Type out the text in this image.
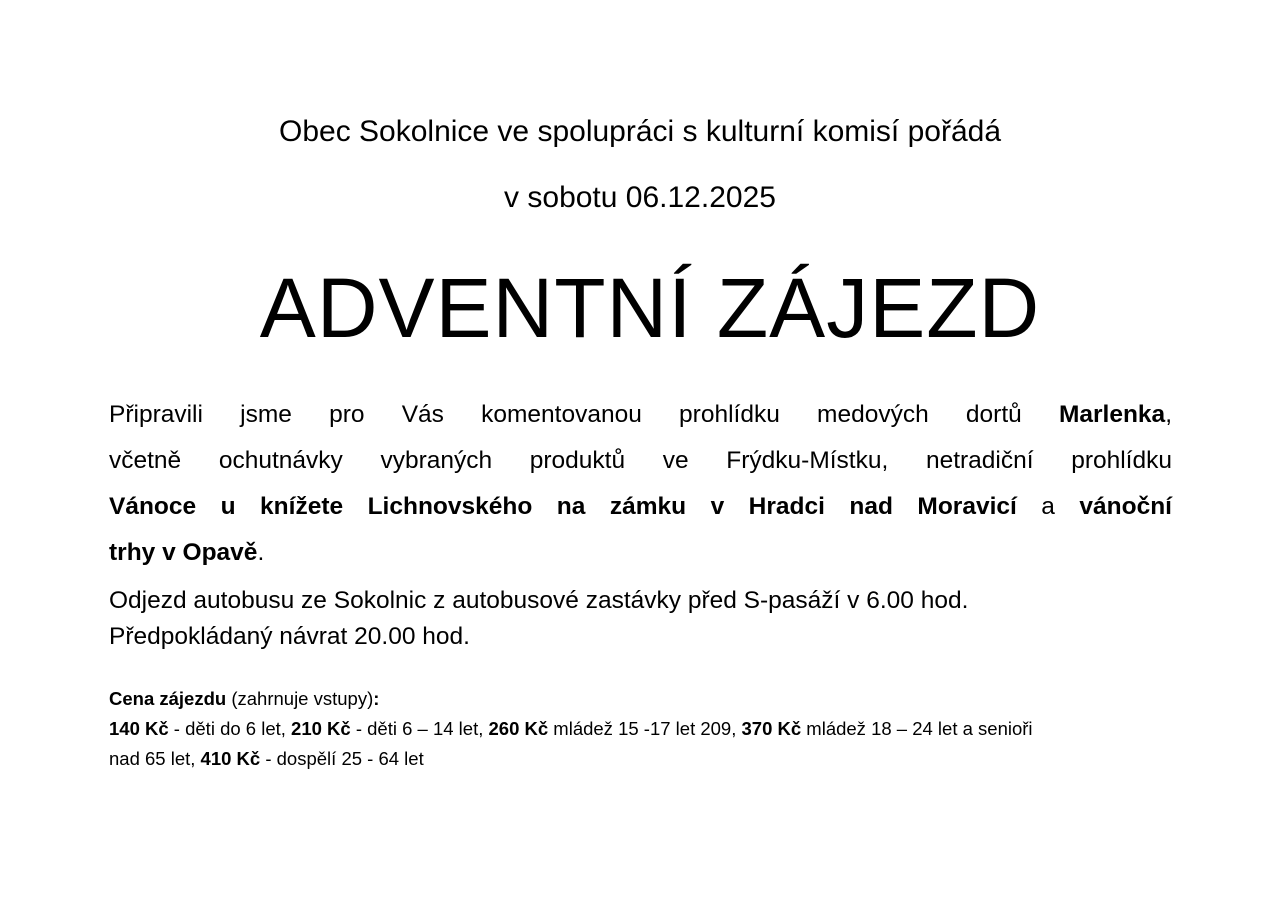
Obec Sokolnice ve spolupráci s kulturní komisí pořádá
v sobotu 06.12.2025
ADVENTNÍ ZÁJEZD
Připravili jsme pro Vás komentovanou prohlídku medových dortů Marlenka,
včetně ochutnávky vybraných produktů ve Frýdku-Místku, netradiční prohlídku
Vánoce u knížete Lichnovského na zámku v Hradci nad Moravicí a vánoční
trhy v Opavě.
Odjezd autobusu ze Sokolnic z autobusové zastávky před S-pasáží v 6.00 hod.
Předpokládaný návrat 20.00 hod.
Cena zájezdu (zahrnuje vstupy):
140 Kč - děti do 6 let, 210 Kč - děti 6 – 14 let, 260 Kč mládež 15 -17 let 209, 370 Kč mládež 18 – 24 let a senioři
nad 65 let, 410 Kč - dospělí 25 - 64 let
